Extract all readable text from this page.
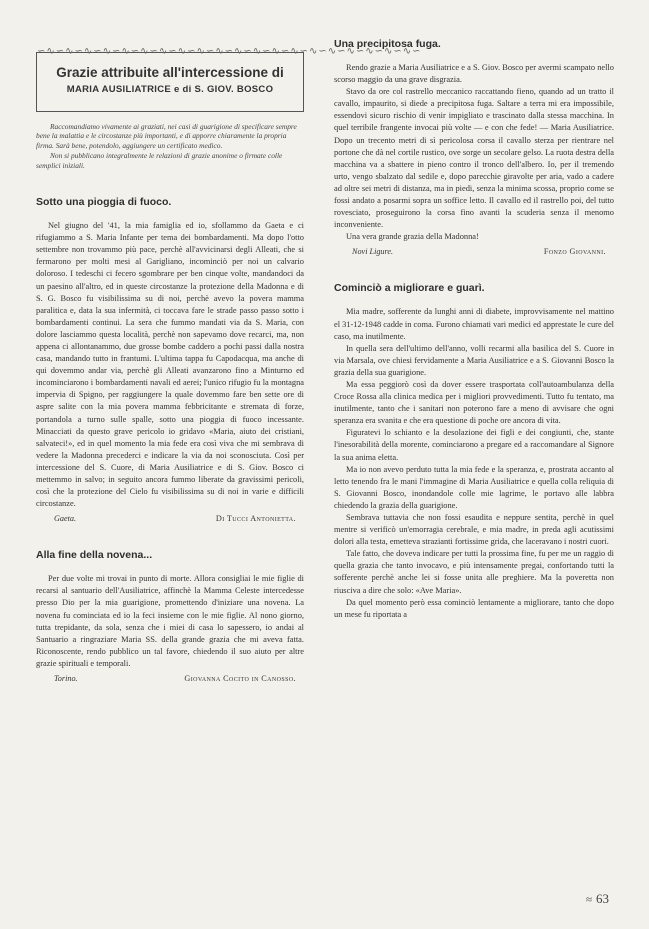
∽∿∽∿∽∿∽∿∽∿∽∿∽∿∽∿∽∿∽∿∽∿∽∿∽∿∽∿∽∿∽∿∽∿∽∿∽∿∽∿∽

Grazie attribuite all'intercessione di

MARIA AUSILIATRICE e di S. GIOV. BOSCO

Raccomandiamo vivamente ai graziati, nei casi di guarigione di specificare sempre bene la malattia e le circostanze più importanti, e di apporre chiaramente la propria firma. Sarà bene, potendolo, aggiungere un certificato medico.

Non si pubblicano integralmente le relazioni di grazie anonime o firmate colle semplici iniziali.

Sotto una pioggia di fuoco.

Nel giugno del '41, la mia famiglia ed io, sfollammo da Gaeta e ci rifugiammo a S. Maria Infante per tema dei bombardamenti. Ma dopo l'otto settembre non trovammo più pace, perchè all'avvicinarsi degli Alleati, che si fermarono per molti mesi al Garigliano, incominciò per noi un calvario doloroso. I tedeschi ci fecero sgombrare per ben cinque volte, mandandoci da un paesino all'altro, ed in queste circostanze la protezione della Madonna e di S. G. Bosco fu visibilissima su di noi, perchè avevo la povera mamma paralitica e, data la sua infermità, ci toccava fare le strade passo passo sotto i bombardamenti continui. La sera che fummo mandati via da S. Maria, con dolore lasciammo questa località, perchè non sapevamo dove recarci, ma, non appena ci allontanammo, due grosse bombe caddero a pochi passi dalla nostra casa, mandando tutto in frantumi. L'ultima tappa fu Capodacqua, ma anche di qui dovemmo andar via, perchè gli Alleati avanzarono fino a Minturno ed incominciarono i bombardamenti navali ed aerei; l'unico rifugio fu la montagna impervia di Spigno, per raggiungere la quale dovemmo fare ben sette ore di aspre salite con la mia povera mamma febbricitante e stremata di forze, portandola a turno sulle spalle, sotto una pioggia di fuoco incessante. Minacciati da questo grave pericolo io gridavo «Maria, aiuto dei cristiani, salvateci!», ed in quel momento la mia fede era così viva che mi sembrava di vedere la Madonna precederci e indicare la via da noi sconosciuta. Così per intercessione del S. Cuore, di Maria Ausiliatrice e di S. Giov. Bosco ci mettemmo in salvo; in seguito ancora fummo liberate da gravissimi pericoli, così che la protezione del Cielo fu visibilissima su di noi in varie e difficili circostanze.

Gaeta.	Di Tucci Antonietta.
Alla fine della novena...

Per due volte mi trovai in punto di morte. Allora consigliai le mie figlie di recarsi al santuario dell'Ausiliatrice, affinchè la Mamma Celeste intercedesse presso Dio per la mia guarigione, promettendo d'iniziare una novena. La novena fu cominciata ed io la feci insieme con le mie figlie. Al nono giorno, tutta trepidante, da sola, senza che i miei di casa lo sapessero, io andai al Santuario a ringraziare Maria SS. della grande grazia che mi aveva fatta. Riconoscente, rendo pubblico un tal favore, chiedendo il suo aiuto per altre grazie spirituali e temporali.

Torino.	Giovanna Cocito in Canosso.
Una precipitosa fuga.

Rendo grazie a Maria Ausiliatrice e a S. Giov. Bosco per avermi scampato nello scorso maggio da una grave disgrazia.

Stavo da ore col rastrello meccanico raccattando fieno, quando ad un tratto il cavallo, impaurito, si diede a precipitosa fuga. Saltare a terra mi era impossibile, essendovi sicuro rischio di venir impigliato e trascinato dalla stessa macchina. In quel terribile frangente invocai più volte — e con che fede! — Maria Ausiliatrice. Dopo un trecento metri di sì pericolosa corsa il cavallo sterza per rientrare nel portone che dà nel cortile rustico, ove sorge un secolare gelso. La ruota destra della macchina va a sbattere in pieno contro il tronco dell'albero. Io, per il tremendo urto, vengo sbalzato dal sedile e, dopo parecchie giravolte per aria, vado a cadere ad oltre sei metri di distanza, ma in piedi, senza la minima scossa, proprio come se fossi andato a posarmi sopra un soffice letto. Il cavallo ed il rastrello poi, del tutto rovesciato, proseguirono la corsa fino avanti la scuderia senza il menomo inconveniente.

Una vera grande grazia della Madonna!

Novi Ligure.	Fonzo Giovanni.
Cominciò a migliorare e guarì.

Mia madre, sofferente da lunghi anni di diabete, improvvisamente nel mattino el 31-12-1948 cadde in coma. Furono chiamati vari medici ed apprestate le cure del caso, ma inutilmente.

In quella sera dell'ultimo dell'anno, volli recarmi alla basilica del S. Cuore in via Marsala, ove chiesi fervidamente a Maria Ausiliatrice e a S. Giovanni Bosco la grazia della sua guarigione.

Ma essa peggiorò così da dover essere trasportata coll'autoambulanza della Croce Rossa alla clinica medica per i migliori provvedimenti. Tutto fu tentato, ma inutilmente, tanto che i sanitari non poterono fare a meno di avvisare che ogni speranza era svanita e che era questione di poche ore ancora di vita.

Figuratevi lo schianto e la desolazione dei figli e dei congiunti, che, stante l'inesorabilità della morente, cominciarono a pregare ed a raccomandare al Signore la sua anima eletta.

Ma io non avevo perduto tutta la mia fede e la speranza, e, prostrata accanto al letto tenendo fra le mani l'immagine di Maria Ausiliatrice e quella colla reliquia di S. Giovanni Bosco, inondandole colle mie lagrime, le portavo alle labbra chiedendo la grazia della guarigione.

Sembrava tuttavia che non fossi esaudita e neppure sentita, perchè in quel mentre si verificò un'emorragia cerebrale, e mia madre, in preda agli acutissimi dolori alla testa, emetteva strazianti fortissime grida, che laceravano i nostri cuori.

Tale fatto, che doveva indicare per tutti la prossima fine, fu per me un raggio di quella grazia che tanto invocavo, e più intensamente pregai, confortando tutti la sofferente perchè anche lei si fosse unita alle preghiere. Ma la poveretta non riusciva a dire che solo: «Ave Maria».

Da quel momento però essa cominciò lentamente a migliorare, tanto che dopo un mese fu riportata a

≈ 63
